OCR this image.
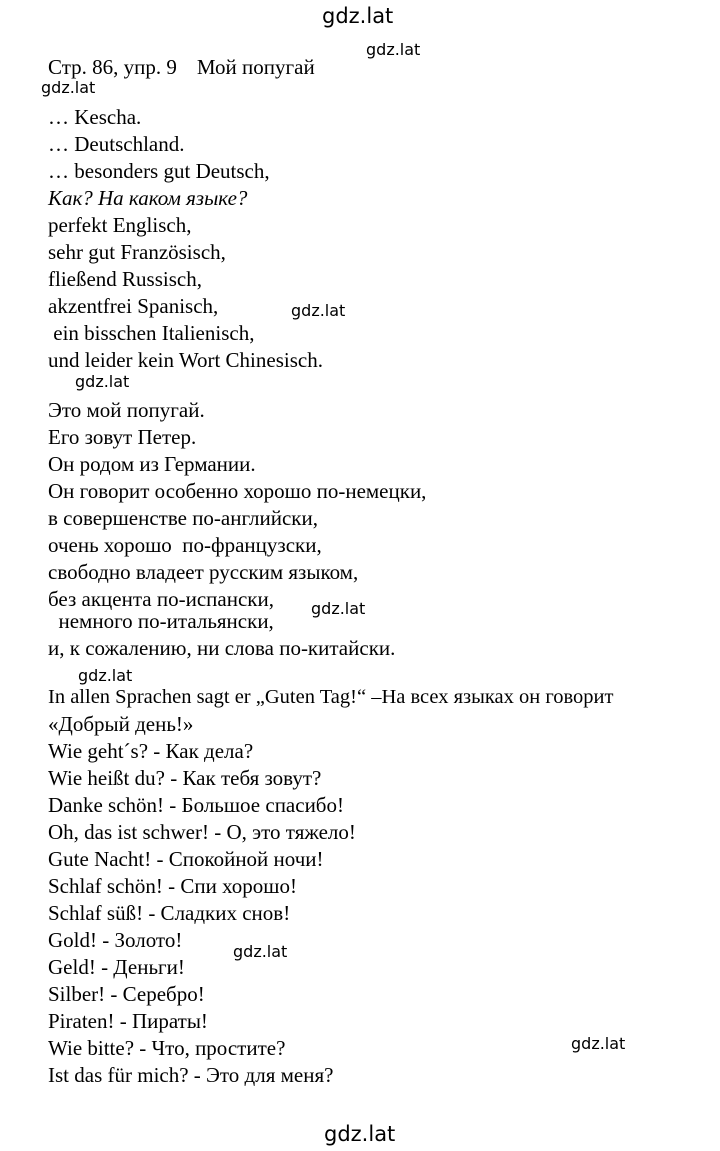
gdz.lat
gdz.lat
gdz.lat
gdz.lat
gdz.lat
gdz.lat
gdz.lat
gdz.lat
gdz.lat
gdz.lat
Стр. 86, упр. 9 Мой попугай
… Kescha.
… Deutschland.
… besonders gut Deutsch,
Как? На каком языке?
perfekt Englisch,
sehr gut Französisch,
fließend Russisch,
akzentfrei Spanisch,
ein bisschen Italienisch,
und leider kein Wort Chinesisch.
Это мой попугай.
Его зовут Петер.
Он родом из Германии.
Он говорит особенно хорошо по-немецки,
в совершенстве по-английски,
очень хорошо  по-французски,
свободно владеет русским языком,
без акцента по-испански,
немного по-итальянски,
и, к сожалению, ни слова по-китайски.
In allen Sprachen sagt er „Guten Tag!“ –На всех языках он говорит
«Добрый день!»
Wie geht´s? - Как дела?
Wie heißt du? - Как тебя зовут?
Danke schön! - Большое спасибо!
Oh, das ist schwer! - О, это тяжело!
Gute Nacht! - Спокойной ночи!
Schlaf schön! - Спи хорошо!
Schlaf süß! - Сладких снов!
Gold! - Золото!
Geld! - Деньги!
Silber! - Серебро!
Piraten! - Пираты!
Wie bitte? - Что, простите?
Ist das für mich? - Это для меня?
